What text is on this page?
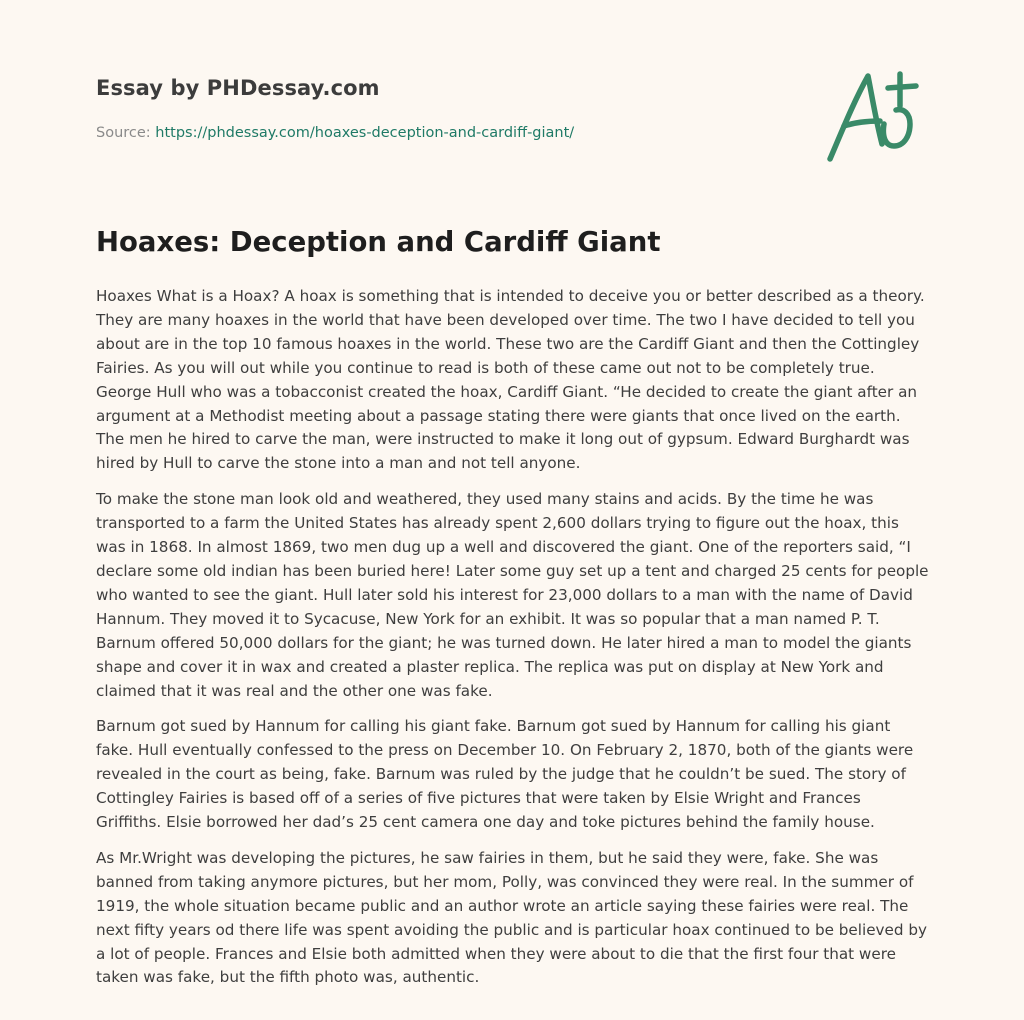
Essay by PHDessay.com
Source: https://phdessay.com/hoaxes-deception-and-cardiff-giant/
Hoaxes: Deception and Cardiff Giant

Hoaxes What is a Hoax? A hoax is something that is intended to deceive you or better described as a theory. They are many hoaxes in the world that have been developed over time. The two I have decided to tell you about are in the top 10 famous hoaxes in the world. These two are the Cardiff Giant and then the Cottingley Fairies. As you will out while you continue to read is both of these came out not to be completely true. George Hull who was a tobacconist created the hoax, Cardiff Giant. “He decided to create the giant after an argument at a Methodist meeting about a passage stating there were giants that once lived on the earth. The men he hired to carve the man, were instructed to make it long out of gypsum. Edward Burghardt was hired by Hull to carve the stone into a man and not tell anyone.

To make the stone man look old and weathered, they used many stains and acids. By the time he was transported to a farm the United States has already spent 2,600 dollars trying to figure out the hoax, this was in 1868. In almost 1869, two men dug up a well and discovered the giant. One of the reporters said, “I declare some old indian has been buried here! Later some guy set up a tent and charged 25 cents for people who wanted to see the giant. Hull later sold his interest for 23,000 dollars to a man with the name of David Hannum. They moved it to Sycacuse, New York for an exhibit. It was so popular that a man named P. T. Barnum offered 50,000 dollars for the giant; he was turned down. He later hired a man to model the giants shape and cover it in wax and created a plaster replica. The replica was put on display at New York and claimed that it was real and the other one was fake.

Barnum got sued by Hannum for calling his giant fake. Barnum got sued by Hannum for calling his giant fake. Hull eventually confessed to the press on December 10. On February 2, 1870, both of the giants were revealed in the court as being, fake. Barnum was ruled by the judge that he couldn’t be sued. The story of Cottingley Fairies is based off of a series of five pictures that were taken by Elsie Wright and Frances Griffiths. Elsie borrowed her dad’s 25 cent camera one day and toke pictures behind the family house.

As Mr.Wright was developing the pictures, he saw fairies in them, but he said they were, fake. She was banned from taking anymore pictures, but her mom, Polly, was convinced they were real. In the summer of 1919, the whole situation became public and an author wrote an article saying these fairies were real. The next fifty years od there life was spent avoiding the public and is particular hoax continued to be believed by a lot of people. Frances and Elsie both admitted when they were about to die that the first four that were taken was fake, but the fifth photo was, authentic.
